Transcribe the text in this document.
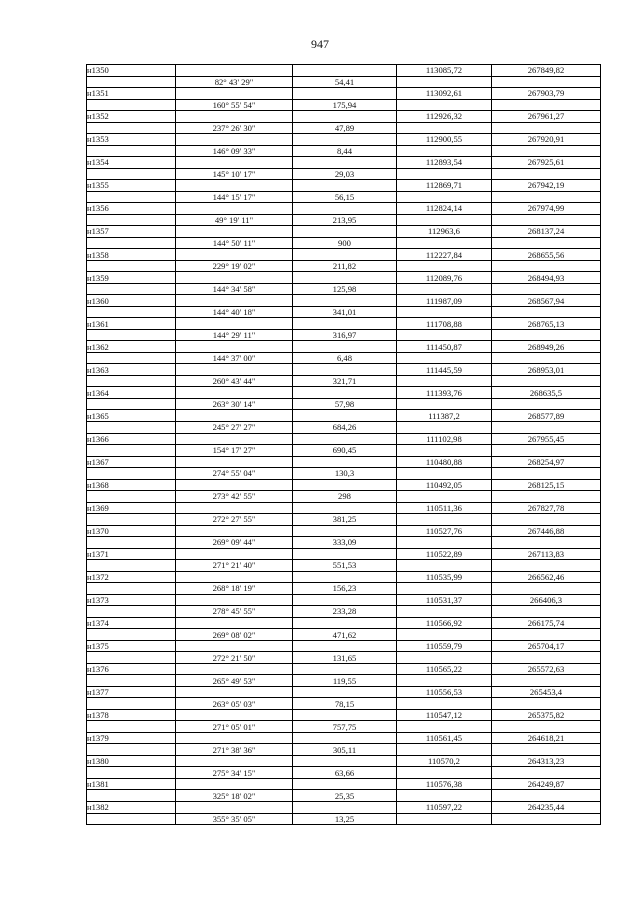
947
н1350			113085,72	267849,82
	82° 43' 29"	54,41		
н1351			113092,61	267903,79
	160° 55' 54"	175,94		
н1352			112926,32	267961,27
	237° 26' 30"	47,89		
н1353			112900,55	267920,91
	146° 09' 33"	8,44		
н1354			112893,54	267925,61
	145° 10' 17"	29,03		
н1355			112869,71	267942,19
	144° 15' 17"	56,15		
н1356			112824,14	267974,99
	49° 19' 11"	213,95		
н1357			112963,6	268137,24
	144° 50' 11"	900		
н1358			112227,84	268655,56
	229° 19' 02"	211,82		
н1359			112089,76	268494,93
	144° 34' 58"	125,98		
н1360			111987,09	268567,94
	144° 40' 18"	341,01		
н1361			111708,88	268765,13
	144° 29' 11"	316,97		
н1362			111450,87	268949,26
	144° 37' 00"	6,48		
н1363			111445,59	268953,01
	260° 43' 44"	321,71		
н1364			111393,76	268635,5
	263° 30' 14"	57,98		
н1365			111387,2	268577,89
	245° 27' 27"	684,26		
н1366			111102,98	267955,45
	154° 17' 27"	690,45		
н1367			110480,88	268254,97
	274° 55' 04"	130,3		
н1368			110492,05	268125,15
	273° 42' 55"	298		
н1369			110511,36	267827,78
	272° 27' 55"	381,25		
н1370			110527,76	267446,88
	269° 09' 44"	333,09		
н1371			110522,89	267113,83
	271° 21' 40"	551,53		
н1372			110535,99	266562,46
	268° 18' 19"	156,23		
н1373			110531,37	266406,3
	278° 45' 55"	233,28		
н1374			110566,92	266175,74
	269° 08' 02"	471,62		
н1375			110559,79	265704,17
	272° 21' 50"	131,65		
н1376			110565,22	265572,63
	265° 49' 53"	119,55		
н1377			110556,53	265453,4
	263° 05' 03"	78,15		
н1378			110547,12	265375,82
	271° 05' 01"	757,75		
н1379			110561,45	264618,21
	271° 38' 36"	305,11		
н1380			110570,2	264313,23
	275° 34' 15"	63,66		
н1381			110576,38	264249,87
	325° 18' 02"	25,35		
н1382			110597,22	264235,44
	355° 35' 05"	13,25		
